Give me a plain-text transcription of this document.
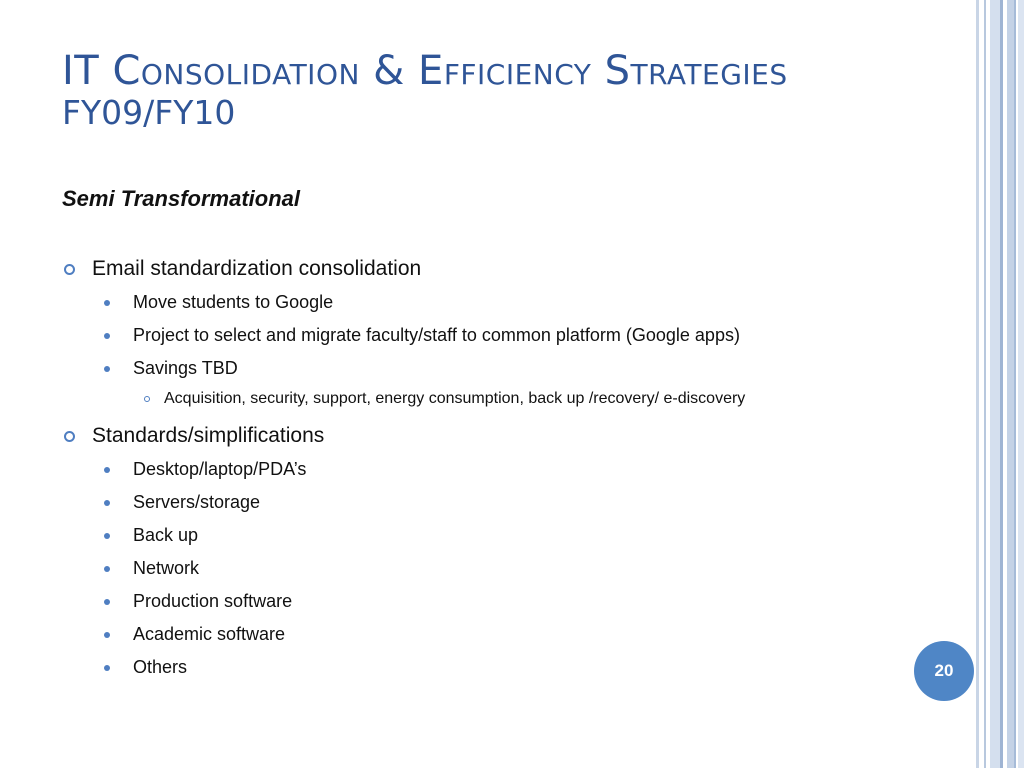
IT Consolidation & Efficiency Strategies
FY09/FY10
Semi Transformational
Email standardization consolidation
Move students to Google
Project to select and migrate faculty/staff to common platform (Google apps)
Savings TBD
Acquisition, security, support, energy consumption, back up /recovery/ e-discovery
Standards/simplifications
Desktop/laptop/PDA’s
Servers/storage
Back up
Network
Production software
Academic software
Others	20
